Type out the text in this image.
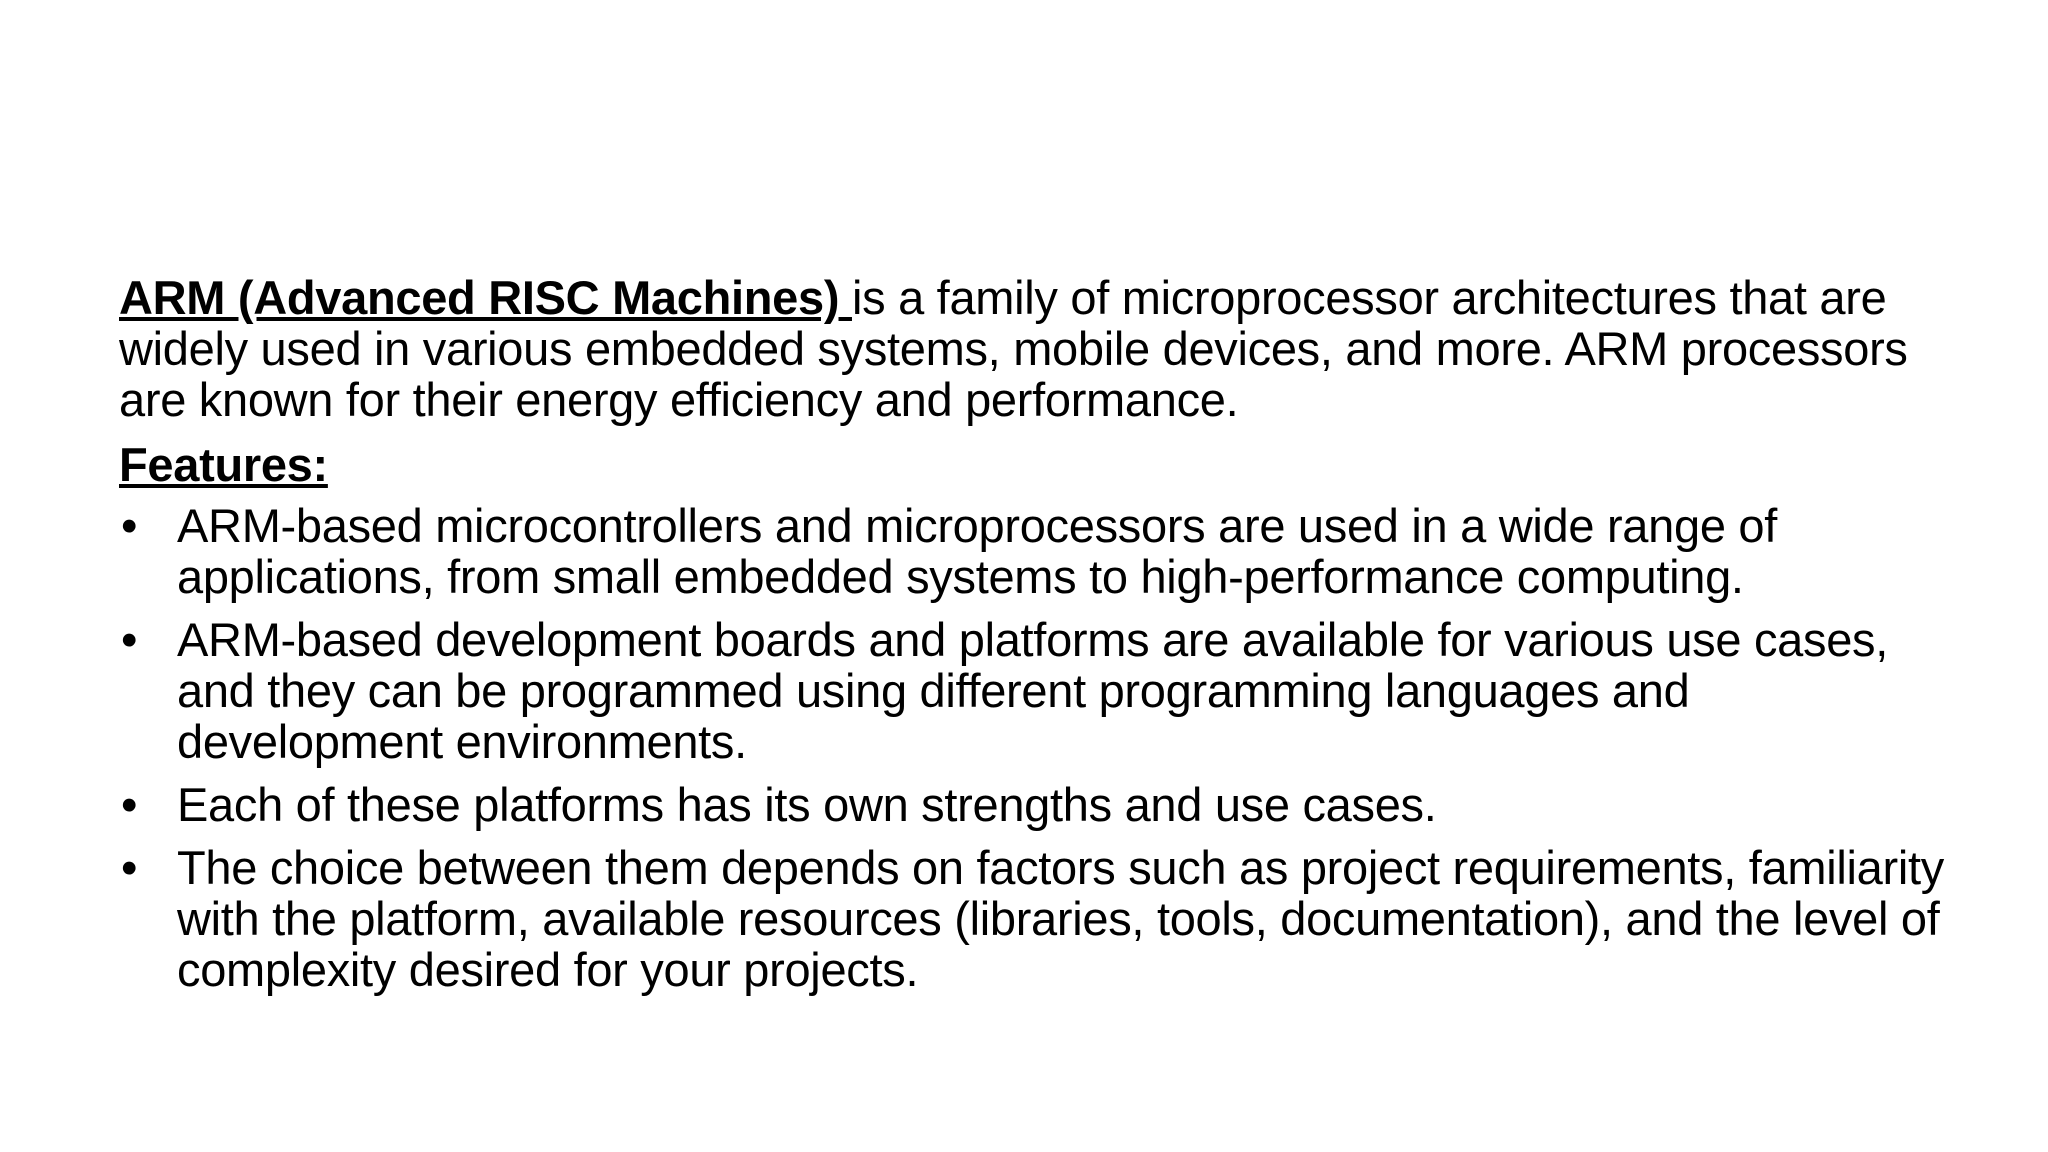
ARM (Advanced RISC Machines) is a family of microprocessor architectures that are widely used in various embedded systems, mobile devices, and more. ARM processors are known for their energy efficiency and performance.

Features:
• ARM-based microcontrollers and microprocessors are used in a wide range of applications, from small embedded systems to high-performance computing.
• ARM-based development boards and platforms are available for various use cases, and they can be programmed using different programming languages and development environments.
• Each of these platforms has its own strengths and use cases.
• The choice between them depends on factors such as project requirements, familiarity with the platform, available resources (libraries, tools, documentation), and the level of complexity desired for your projects.
